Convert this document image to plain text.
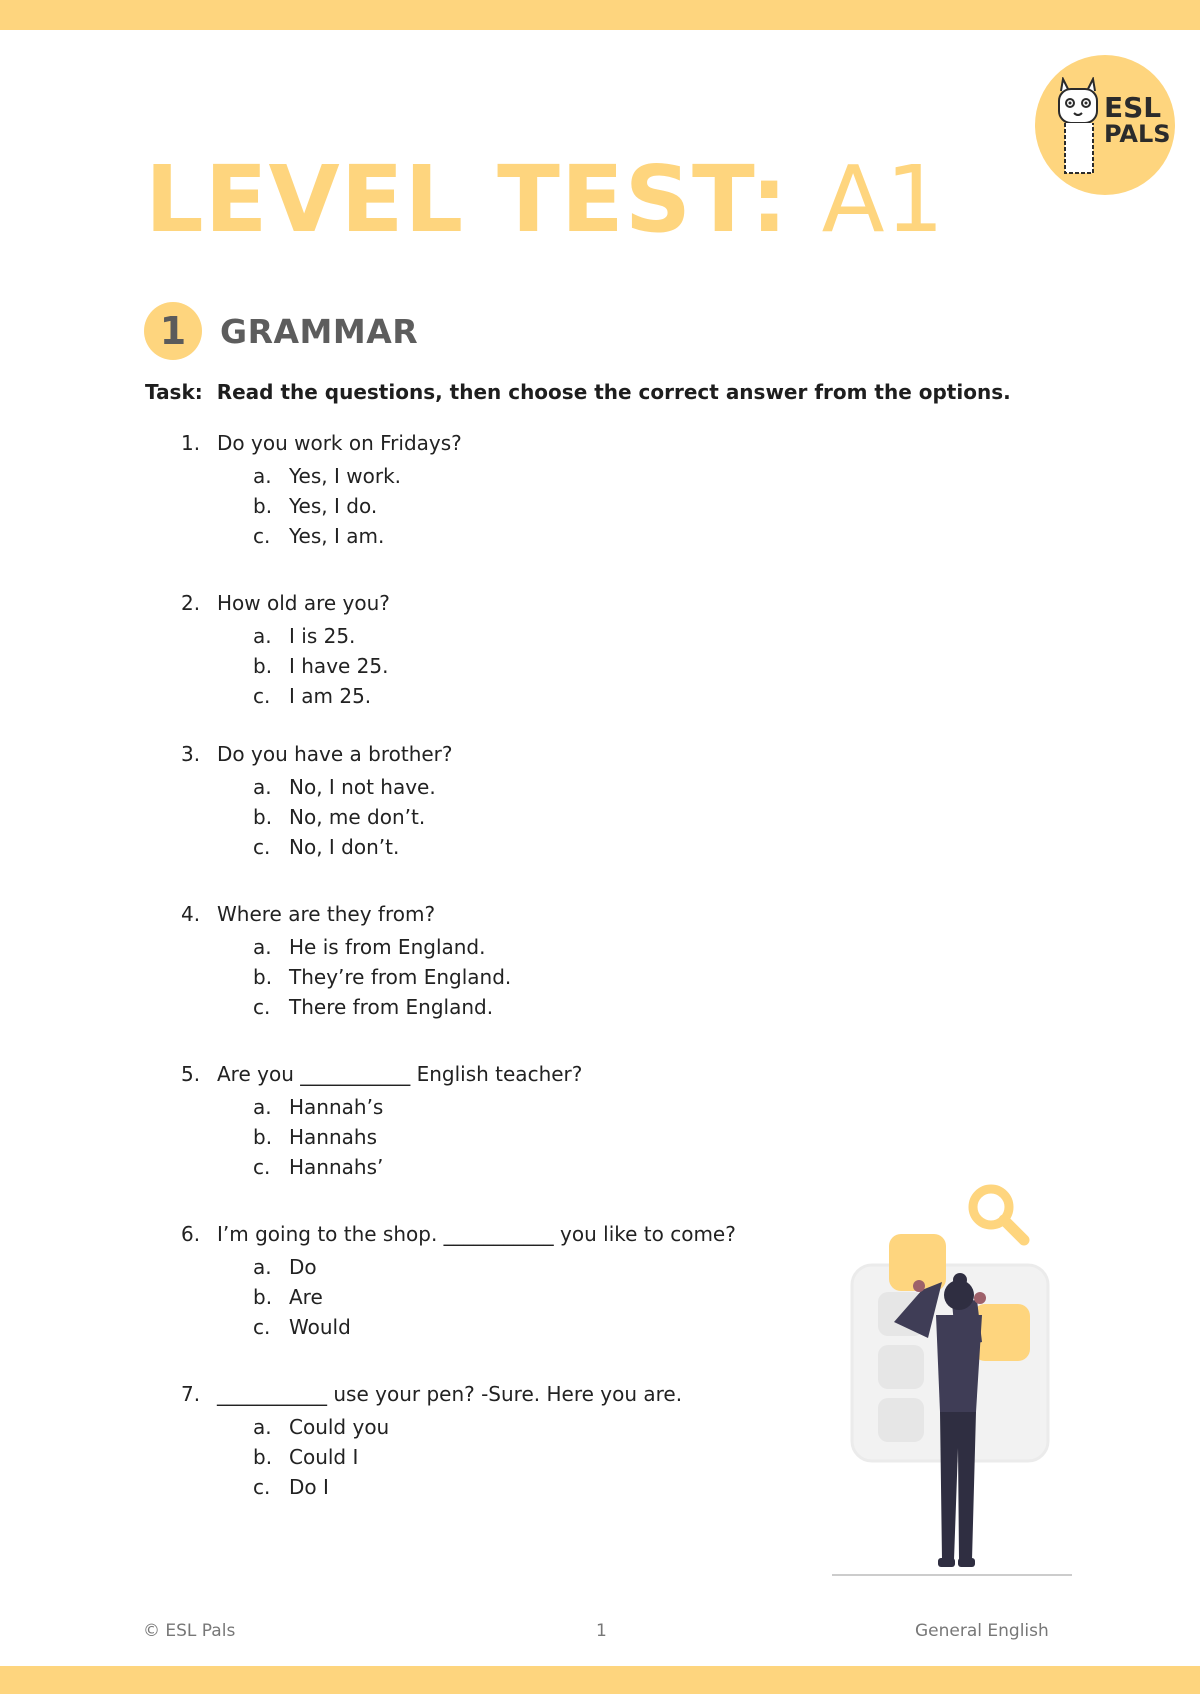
ESL
PALS
LEVEL TEST: A1
1	GRAMMAR
Task: Read the questions, then choose the correct answer from the options.
1. Do you work on Fridays?
a. Yes, I work.
b. Yes, I do.
c. Yes, I am.
2. How old are you?
a. I is 25.
b. I have 25.
c. I am 25.
3. Do you have a brother?
a. No, I not have.
b. No, me don’t.
c. No, I don’t.
4. Where are they from?
a. He is from England.
b. They’re from England.
c. There from England.
5. Are you ___________ English teacher?
a. Hannah’s
b. Hannahs
c. Hannahs’
6. I’m going to the shop. ___________ you like to come?
a. Do
b. Are
c. Would
7. ___________ use your pen? -Sure. Here you are.
a. Could you
b. Could I
c. Do I
© ESL Pals	1	General English
